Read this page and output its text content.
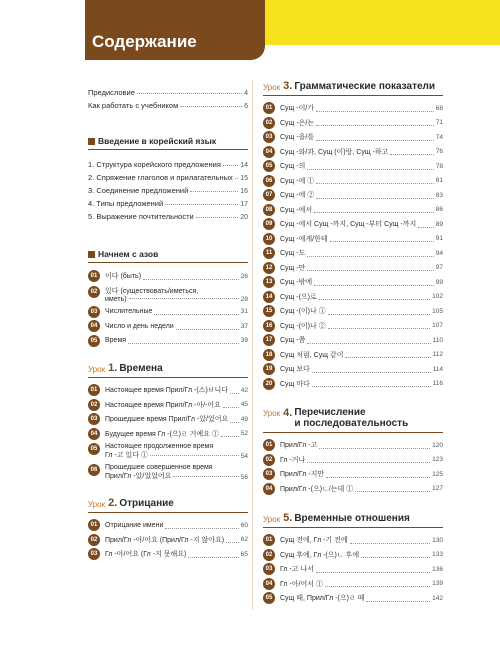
Содержание
Предисловие	4
Как работать с учебником	6
Введение в корейский язык
1. Структура корейского предложения	14
2. Спряжение глаголов и прилагательных 15
3. Соединение предложений	16
4. Типы предложений	17
5. Выражение почтительности	20
Начнем с азов
01	이다 (быть)	26
02	있다 (существовать/иметься,
иметь)	28
03	Числительные	31
04	Число и день недели	37
05	Время	39
Урок 1. Времена
01	Настоящее время Прил/Гл -(스)ㅂ니다 42
02	Настоящее время Прил/Гл -아/-어요	45
03	Прошедшее время Прил/Гл -았/었어요 49
04	Будущее время Гл -(으)ㄹ 거예요 ①	52
05	Настоящее продолженное время
Гл -고 있다 ①	54
06	Прошедшее совершенное время
Прил/Гл -았/었었어요	56
Урок 2. Отрицание
01	Отрицание имени	60
02	Прил/Гл -아/어요 (Прил/Гл -지 않아요)	62
03	Гл -아/어요 (Гл -지 못해요)	65
Урок 3. Грамматические показатели
01	Сущ -이/가	68
02	Сущ -은/는	71
03	Сущ -을/를	74
04	Сущ -와/과, Сущ (이)랑, Сущ -하고	76
05	Сущ -의	78
06	Сущ -에 ①	81
07	Сущ -에 ②	83
08	Сущ -에서	86
09	Сущ -에서 Сущ -까지, Сущ -부터 Сущ -까지	89
10	Сущ -에게/한테	91
11	Сущ -도	94
12	Сущ -만	97
13	Сущ -밖에	99
14	Сущ -(으)로	102
15	Сущ -(이)나 ①	105
16	Сущ -(이)나 ②	107
17	Сущ -쯤	110
18	Сущ 처럼, Сущ 같이	112
19	Сущ 보다	114
20	Сущ 마다	116
Урок 4. Перечисление
и последовательность
01	Прил/Гл -고	120
02	Гл -거나	123
03	Прил/Гл -지만	125
04	Прил/Гл -(으)ㄴ/는데 ①	127
Урок 5. Временные отношения
01	Сущ 전에, Гл -기 전에	130
02	Сущ 후에, Гл -(으)ㄴ 후에	133
03	Гл -고 나서	136
04	Гл -아/어서 ①	139
05	Сущ 때, Прил/Гл -(으)ㄹ 때	142
